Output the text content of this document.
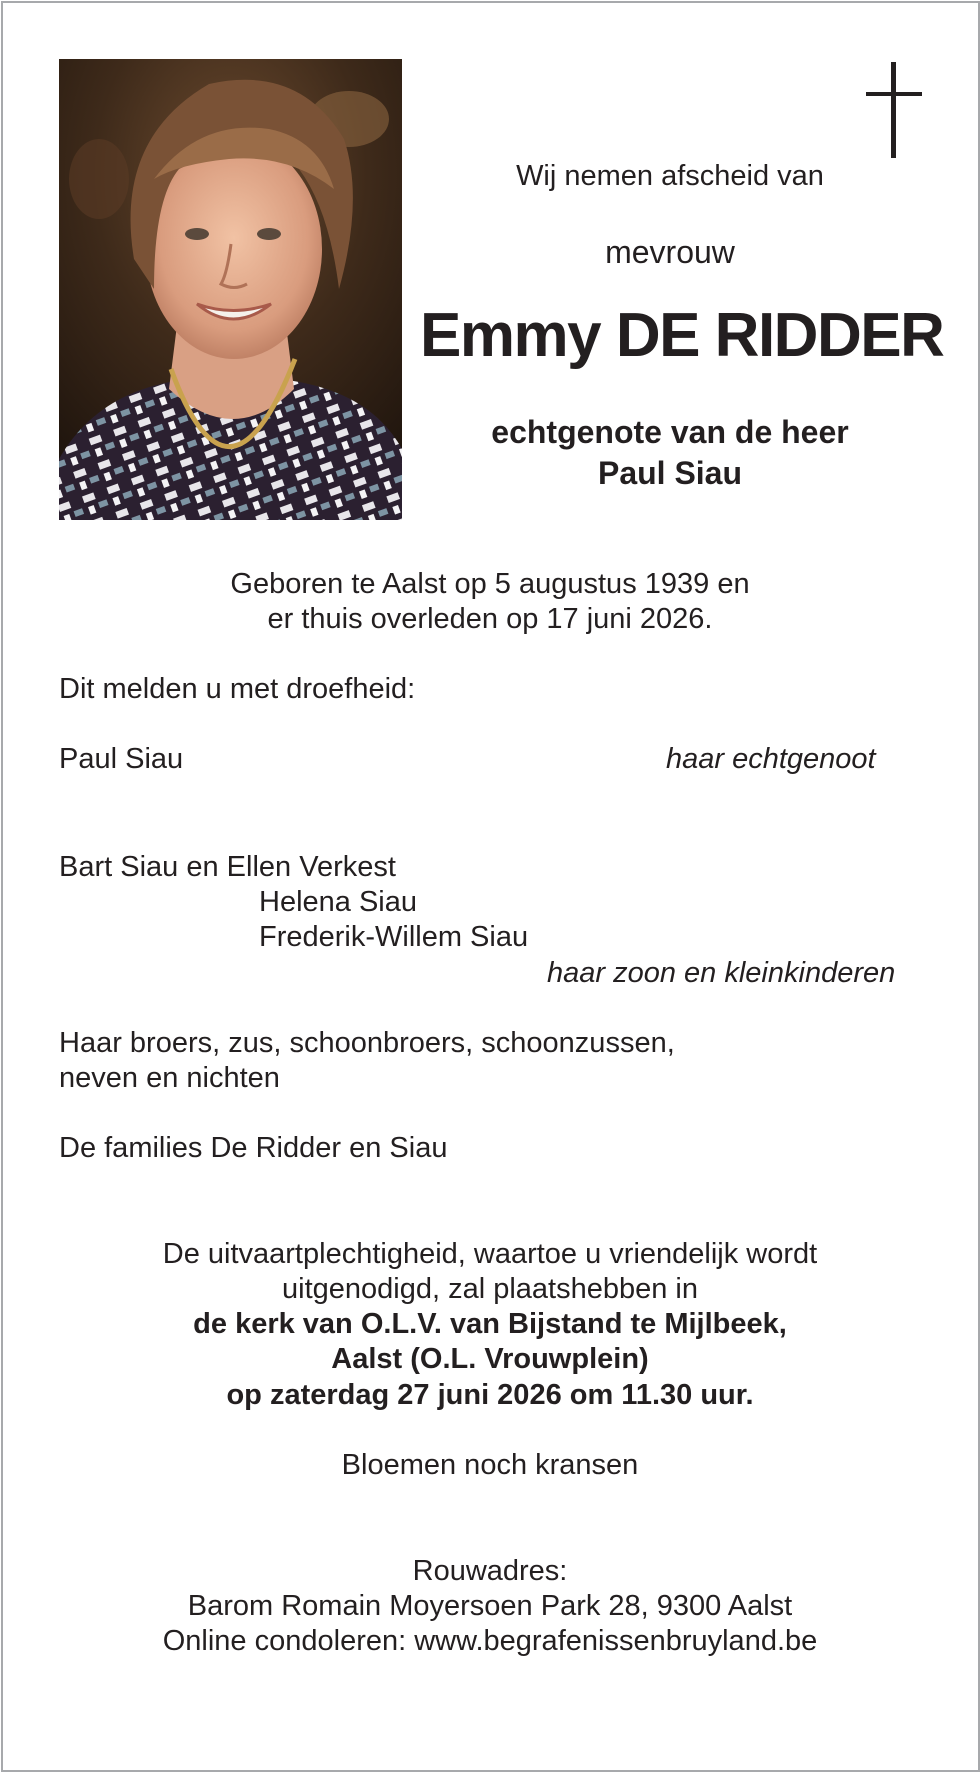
Wij nemen afscheid van
mevrouw
Emmy DE RIDDER
echtgenote van de heer
Paul Siau
Geboren te Aalst op 5 augustus 1939 en
er thuis overleden op 17 juni 2026.
Dit melden u met droefheid:
Paul Siau	haar echtgenoot
Bart Siau en Ellen Verkest
Helena Siau
Frederik-Willem Siau
haar zoon en kleinkinderen
Haar broers, zus, schoonbroers, schoonzussen,
neven en nichten
De families De Ridder en Siau
De uitvaartplechtigheid, waartoe u vriendelijk wordt
uitgenodigd, zal plaatshebben in
de kerk van O.L.V. van Bijstand te Mijlbeek,
Aalst (O.L. Vrouwplein)
op zaterdag 27 juni 2026 om 11.30 uur.
Bloemen noch kransen
Rouwadres:
Barom Romain Moyersoen Park 28, 9300 Aalst
Online condoleren: www.begrafenissenbruyland.be
